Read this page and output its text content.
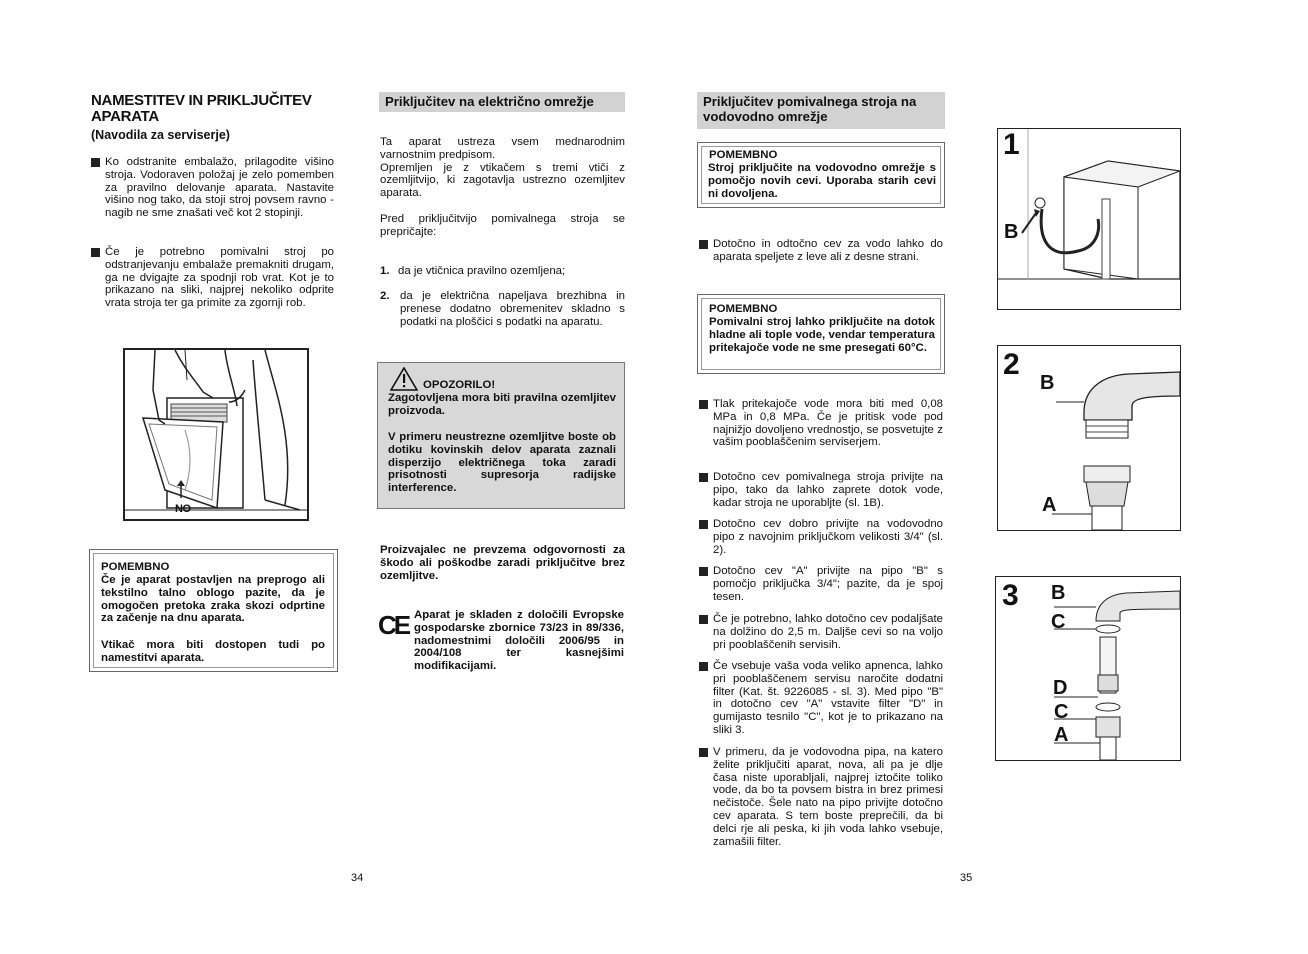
NAMESTITEV IN PRIKLJUČITEV APARATA
(Navodila za serviserje)
Ko odstranite embalažo, prilagodite višino stroja. Vodoraven položaj je zelo pomemben za pravilno delovanje aparata. Nastavite višino nog tako, da stoji stroj povsem ravno - nagib ne sme znašati več kot 2 stopinji.
Če je potrebno pomivalni stroj po odstranjevanju embalaže premakniti drugam, ga ne dvigajte za spodnji rob vrat. Kot je to prikazano na sliki, najprej nekoliko odprite vrata stroja ter ga primite za zgornji rob.
NO
POMEMBNO
Če je aparat postavljen na preprogo ali tekstilno talno oblogo pazite, da je omogočen pretoka zraka skozi odprtine za začenje na dnu aparata.
Vtikač mora biti dostopen tudi po namestitvi aparata.
34
Priključitev na električno omrežje
Ta aparat ustreza vsem mednarodnim varnostnim predpisom.
Opremljen je z vtikačem s tremi vtiči z ozemljitvijo, ki zagotavlja ustrezno ozemljitev aparata.
Pred priključitvijo pomivalnega stroja se prepričajte:
1. da je vtičnica pravilno ozemljena;
2. da je električna napeljava brezhibna in prenese dodatno obremenitev skladno s podatki na ploščici s podatki na aparatu.
OPOZORILO!
Zagotovljena mora biti pravilna ozemljitev proizvoda.
V primeru neustrezne ozemljitve boste ob dotiku kovinskih delov aparata zaznali disperzijo električnega toka zaradi prisotnosti supresorja radijske interference.
Proizvajalec ne prevzema odgovornosti za škodo ali poškodbe zaradi priključitve brez ozemljitve.
CE Aparat je skladen z določili Evropske gospodarske zbornice 73/23 in 89/336, nadomestnimi določili 2006/95 in 2004/108 ter kasnejšimi modifikacijami.
Priključitev pomivalnega stroja na vodovodno omrežje
POMEMBNO
Stroj priključite na vodovodno omrežje s pomočjo novih cevi. Uporaba starih cevi ni dovoljena.
Dotočno in odtočno cev za vodo lahko do aparata speljete z leve ali z desne strani.
POMEMBNO
Pomivalni stroj lahko priključite na dotok hladne ali tople vode, vendar temperatura pritekajoče vode ne sme presegati 60°C.
Tlak pritekajoče vode mora biti med 0,08 MPa in 0,8 MPa. Če je pritisk vode pod najnižjo dovoljeno vrednostjo, se posvetujte z vašim pooblaščenim serviserjem.
Dotočno cev pomivalnega stroja privijte na pipo, tako da lahko zaprete dotok vode, kadar stroja ne uporabljte (sl. 1B).
Dotočno cev dobro privijte na vodovodno pipo z navojnim priključkom velikosti 3/4" (sl. 2).
Dotočno cev "A" privijte na pipo "B" s pomočjo priključka 3/4"; pazite, da je spoj tesen.
Če je potrebno, lahko dotočno cev podaljšate na dolžino do 2,5 m. Daljše cevi so na voljo pri pooblaščenih servisih.
Če vsebuje vaša voda veliko apnenca, lahko pri pooblaščenem servisu naročite dodatni filter (Kat. št. 9226085 - sl. 3). Med pipo "B" in dotočno cev "A" vstavite filter "D" in gumijasto tesnilo "C", kot je to prikazano na sliki 3.
V primeru, da je vodovodna pipa, na katero želite priključiti aparat, nova, ali pa je dlje časa niste uporabljali, najprej iztočite toliko vode, da bo ta povsem bistra in brez primesi nečistoče. Šele nato na pipo privijte dotočno cev aparata. S tem boste preprečili, da bi delci rje ali peska, ki jih voda lahko vsebuje, zamašili filter.
35
1
B
2
B
A
3 B
C
D
C
A
